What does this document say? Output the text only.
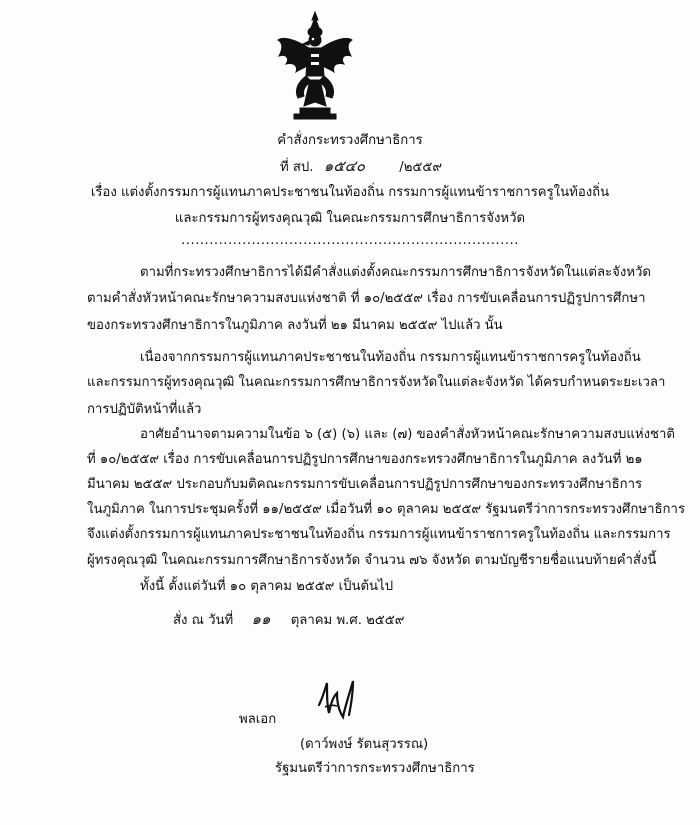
คำสั่งกระทรวงศึกษาธิการ
ที่ สป. ๑๕๔๐	/๒๕๕๙
เรื่อง แต่งตั้งกรรมการผู้แทนภาคประชาชนในท้องถิ่น กรรมการผู้แทนข้าราชการครูในท้องถิ่น
และกรรมการผู้ทรงคุณวุฒิ ในคณะกรรมการศึกษาธิการจังหวัด
........................................................................
ตามที่กระทรวงศึกษาธิการได้มีคำสั่งแต่งตั้งคณะกรรมการศึกษาธิการจังหวัดในแต่ละจังหวัด
ตามคำสั่งหัวหน้าคณะรักษาความสงบแห่งชาติ ที่ ๑๐/๒๕๕๙ เรื่อง การขับเคลื่อนการปฏิรูปการศึกษา
ของกระทรวงศึกษาธิการในภูมิภาค ลงวันที่ ๒๑ มีนาคม ๒๕๕๙ ไปแล้ว นั้น
เนื่องจากกรรมการผู้แทนภาคประชาชนในท้องถิ่น กรรมการผู้แทนข้าราชการครูในท้องถิ่น
และกรรมการผู้ทรงคุณวุฒิ ในคณะกรรมการศึกษาธิการจังหวัดในแต่ละจังหวัด ได้ครบกำหนดระยะเวลา
การปฏิบัติหน้าที่แล้ว
อาศัยอำนาจตามความในข้อ ๖ (๕) (๖) และ (๗) ของคำสั่งหัวหน้าคณะรักษาความสงบแห่งชาติ
ที่ ๑๐/๒๕๕๙ เรื่อง การขับเคลื่อนการปฏิรูปการศึกษาของกระทรวงศึกษาธิการในภูมิภาค ลงวันที่ ๒๑
มีนาคม ๒๕๕๙ ประกอบกับมติคณะกรรมการขับเคลื่อนการปฏิรูปการศึกษาของกระทรวงศึกษาธิการ
ในภูมิภาค ในการประชุมครั้งที่ ๑๑/๒๕๕๙ เมื่อวันที่ ๑๐ ตุลาคม ๒๕๕๙ รัฐมนตรีว่าการกระทรวงศึกษาธิการ
จึงแต่งตั้งกรรมการผู้แทนภาคประชาชนในท้องถิ่น กรรมการผู้แทนข้าราชการครูในท้องถิ่น และกรรมการ
ผู้ทรงคุณวุฒิ ในคณะกรรมการศึกษาธิการจังหวัด จำนวน ๗๖ จังหวัด ตามบัญชีรายชื่อแนบท้ายคำสั่งนี้
ทั้งนี้ ตั้งแต่วันที่ ๑๐ ตุลาคม ๒๕๕๙ เป็นต้นไป
สั่ง ณ วันที่ ๑๑ ตุลาคม พ.ศ. ๒๕๕๙
พลเอก
(ดาว์พงษ์ รัตนสุวรรณ)
รัฐมนตรีว่าการกระทรวงศึกษาธิการ
